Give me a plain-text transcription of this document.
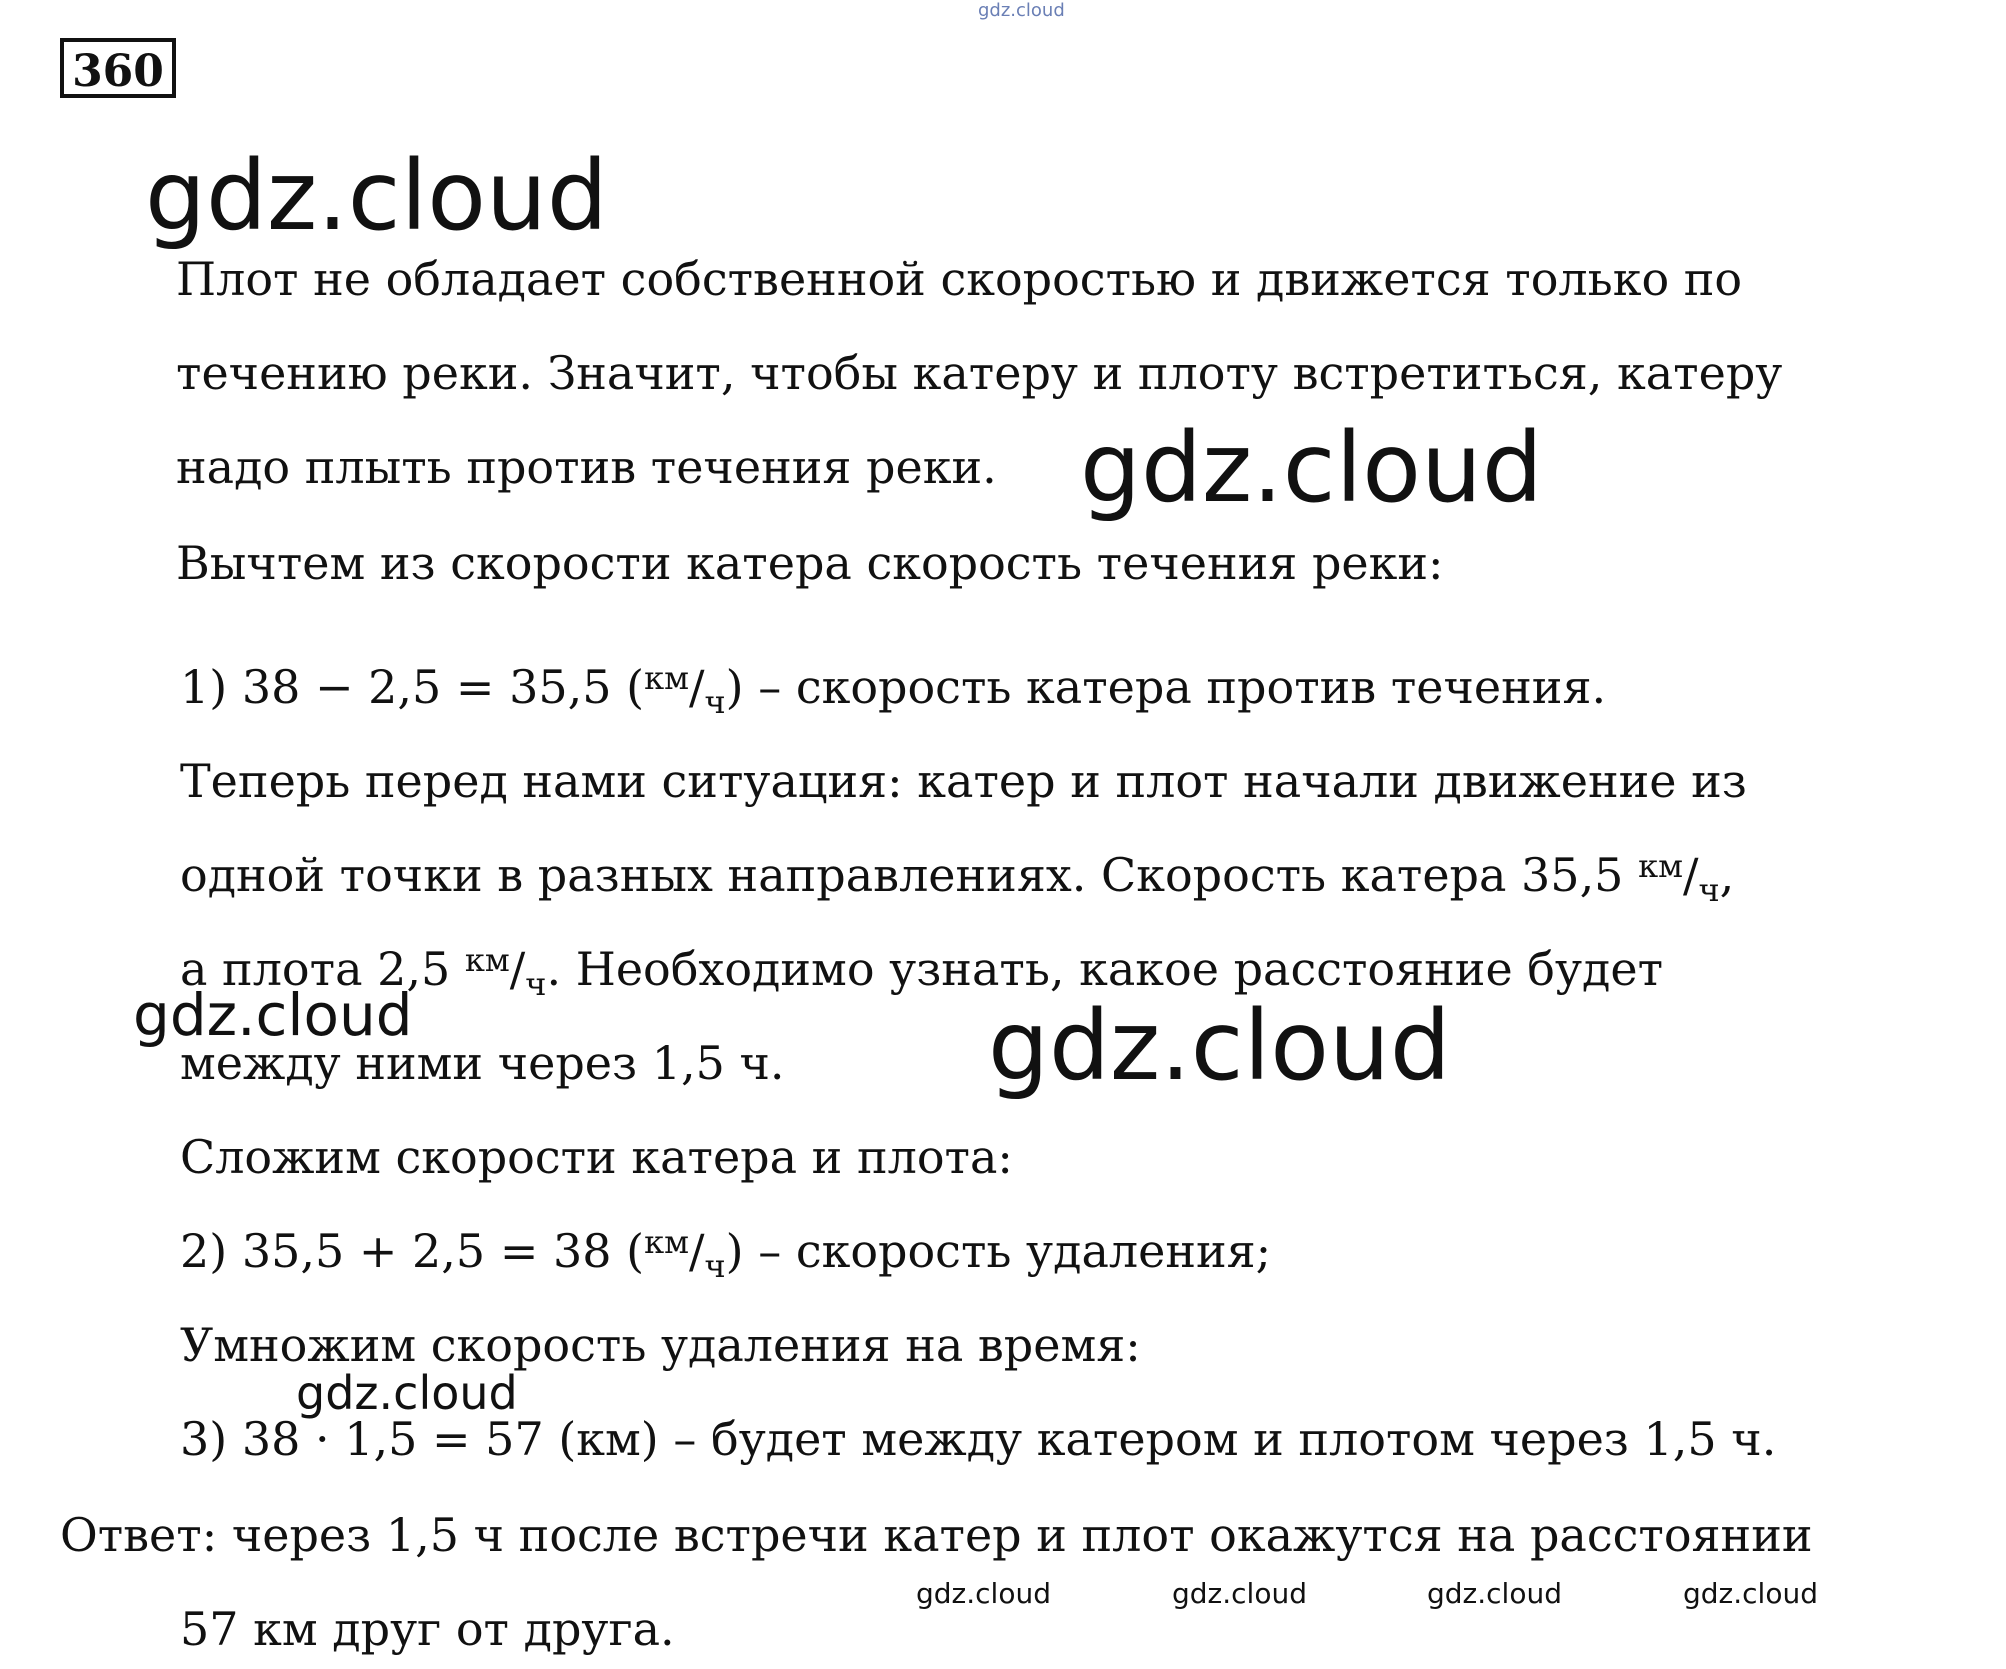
360
gdz.cloud
gdz.cloud
gdz.cloud
gdz.cloud	gdz.cloud
gdz.cloud
gdz.cloud	gdz.cloud	gdz.cloud	gdz.cloud
Плот не обладает собственной скоростью и движется только по
течению реки. Значит, чтобы катеру и плоту встретиться, катеру
надо плыть против течения реки.
Вычтем из скорости катера скорость течения реки:
1) 38 − 2,5 = 35,5 $(^{км}/_ч)$ – скорость катера против течения.
Теперь перед нами ситуация: катер и плот начали движение из
одной точки в разных направлениях. Скорость катера 35,5 $^{км}/_ч$,
а плота 2,5 $^{км}/_ч$. Необходимо узнать, какое расстояние будет
между ними через 1,5 ч.
Сложим скорости катера и плота:
2) 35,5 + 2,5 = 38 $(^{км}/_ч)$ – скорость удаления;
Умножим скорость удаления на время:
3) 38 · 1,5 = 57 (км) – будет между катером и плотом через 1,5 ч.
Ответ: через 1,5 ч после встречи катер и плот окажутся на расстоянии
57 км друг от друга.
